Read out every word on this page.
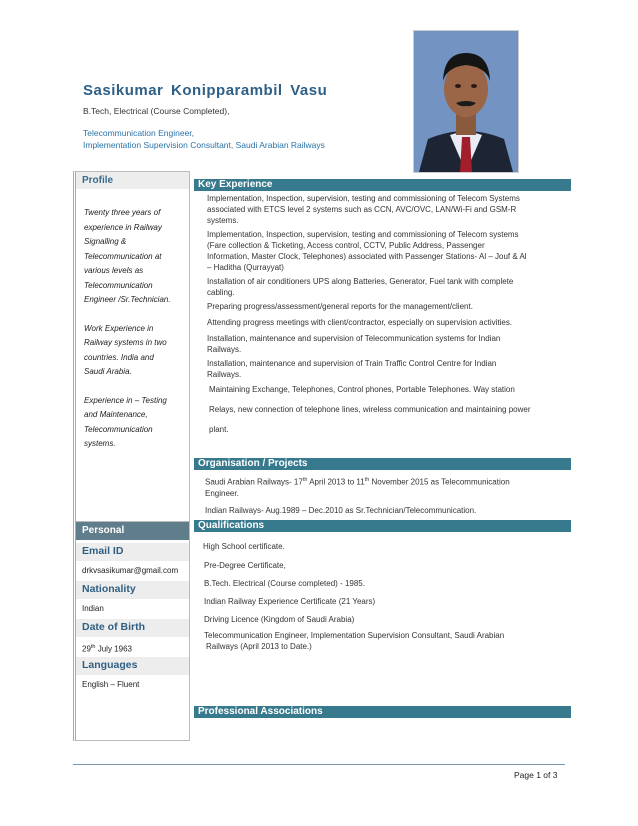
Sasikumar Konipparambil Vasu
B.Tech, Electrical (Course Completed),
Telecommunication Engineer,
Implementation Supervision Consultant, Saudi Arabian Railways
Profile
Twenty three years of
experience in Railway
Signalling &
Telecommunication at
various levels as
Telecommunication
Engineer /Sr.Technician.
Work Experience in
Railway systems in two
countries. India and
Saudi Arabia.
Experience in – Testing
and Maintenance,
Telecommunication
systems.
Personal
Email ID
drkvsasikumar@gmail.com
Nationality
Indian
Date of Birth
29th July 1963
Languages
English – Fluent
Key Experience
Implementation, Inspection, supervision, testing and commissioning of Telecom Systems
associated with ETCS level 2 systems such as CCN, AVC/OVC, LAN/Wi-Fi and GSM-R
systems.
Implementation, Inspection, supervision, testing and commissioning of Telecom systems
(Fare collection & Ticketing, Access control, CCTV, Public Address, Passenger
Information, Master Clock, Telephones) associated with Passenger Stations- Al – Jouf & Al
– Haditha (Qurrayyat)
Installation of air conditioners UPS along Batteries, Generator, Fuel tank with complete
cabling.
Preparing progress/assessment/general reports for the management/client.
Attending progress meetings with client/contractor, especially on supervision activities.
Installation, maintenance and supervision of Telecommunication systems for Indian
Railways.
Installation, maintenance and supervision of Train Traffic Control Centre for Indian
Railways.
Maintaining Exchange, Telephones, Control phones, Portable Telephones. Way station
Relays, new connection of telephone lines, wireless communication and maintaining power
plant.
Organisation / Projects
Saudi Arabian Railways- 17th April 2013 to 11th November 2015 as Telecommunication
Engineer.
Indian Railways- Aug.1989 – Dec.2010 as Sr.Technician/Telecommunication.
Qualifications
High School certificate.
Pre-Degree Certificate,
B.Tech. Electrical (Course completed) - 1985.
Indian Railway Experience Certificate (21 Years)
Driving Licence (Kingdom of Saudi Arabia)
Telecommunication Engineer, Implementation Supervision Consultant, Saudi Arabian
Railways (April 2013 to Date.)
Professional Associations
Page 1 of 3
